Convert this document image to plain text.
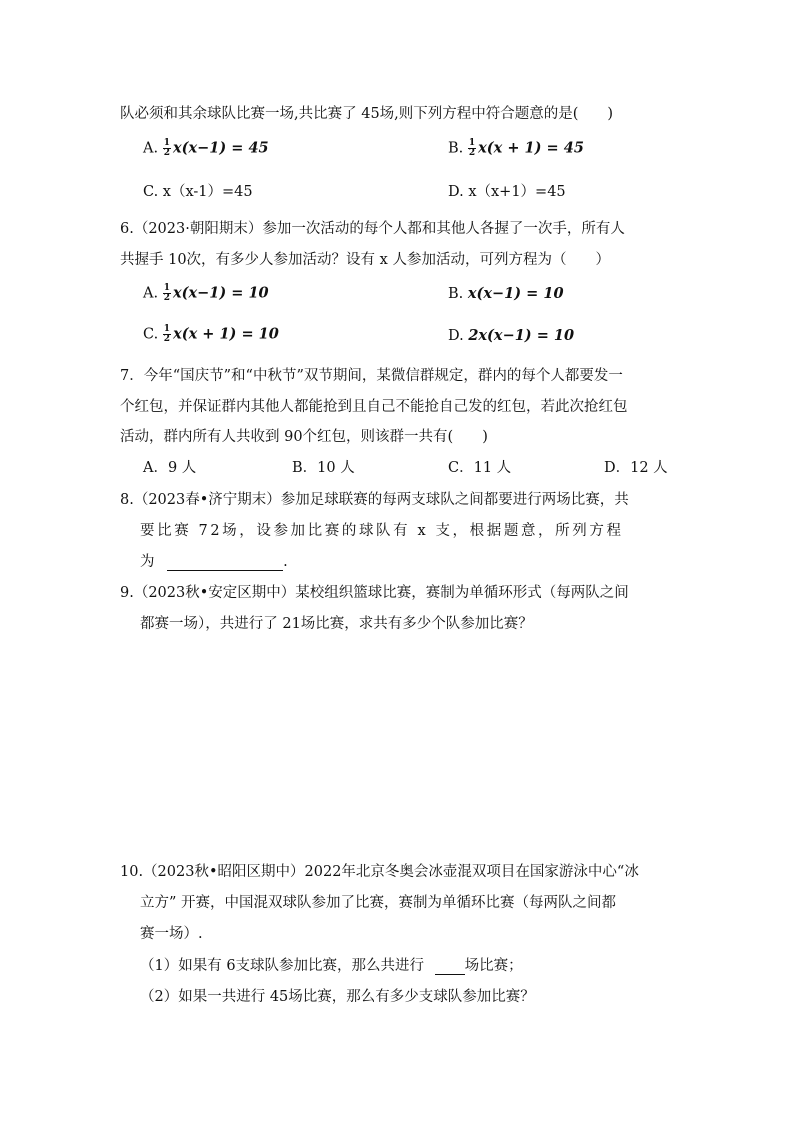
队必须和其余球队比赛一场,共比赛了 45场,则下列方程中符合题意的是(　　)
A. $\frac{1}{2} x(x-1) = 45$	B. $\frac{1}{2} x(x + 1) = 45$
C. x（x-1）=45	D. x（x+1）=45
6.（2023·朝阳期末）参加一次活动的每个人都和其他人各握了一次手，所有人
共握手 10次，有多少人参加活动？设有 x 人参加活动，可列方程为（　　）
A. $\frac{1}{2} x(x-1) = 10$	B. x(x−1) = 10
C. $\frac{1}{2} x(x + 1) = 10$	D. 2x(x−1) = 10
7．今年“国庆节”和“中秋节”双节期间，某微信群规定，群内的每个人都要发一
个红包，并保证群内其他人都能抢到且自己不能抢自己发的红包，若此次抢红包
活动，群内所有人共收到 90个红包，则该群一共有(　　)
A．9 人	B．10 人	C．11 人	D．12 人
8.（2023春•济宁期末）参加足球联赛的每两支球队之间都要进行两场比赛，共
要比赛 72场，设参加比赛的球队有 x 支，根据题意，所列方程
为	.
9.（2023秋•安定区期中）某校组织篮球比赛，赛制为单循环形式（每两队之间
都赛一场），共进行了 21场比赛，求共有多少个队参加比赛？
10.（2023秋•昭阳区期中）2022年北京冬奥会冰壶混双项目在国家游泳中心“冰
立方” 开赛，中国混双球队参加了比赛，赛制为单循环比赛（每两队之间都
赛一场）.
（1）如果有 6支球队参加比赛，那么共进行	场比赛；
（2）如果一共进行 45场比赛，那么有多少支球队参加比赛？
